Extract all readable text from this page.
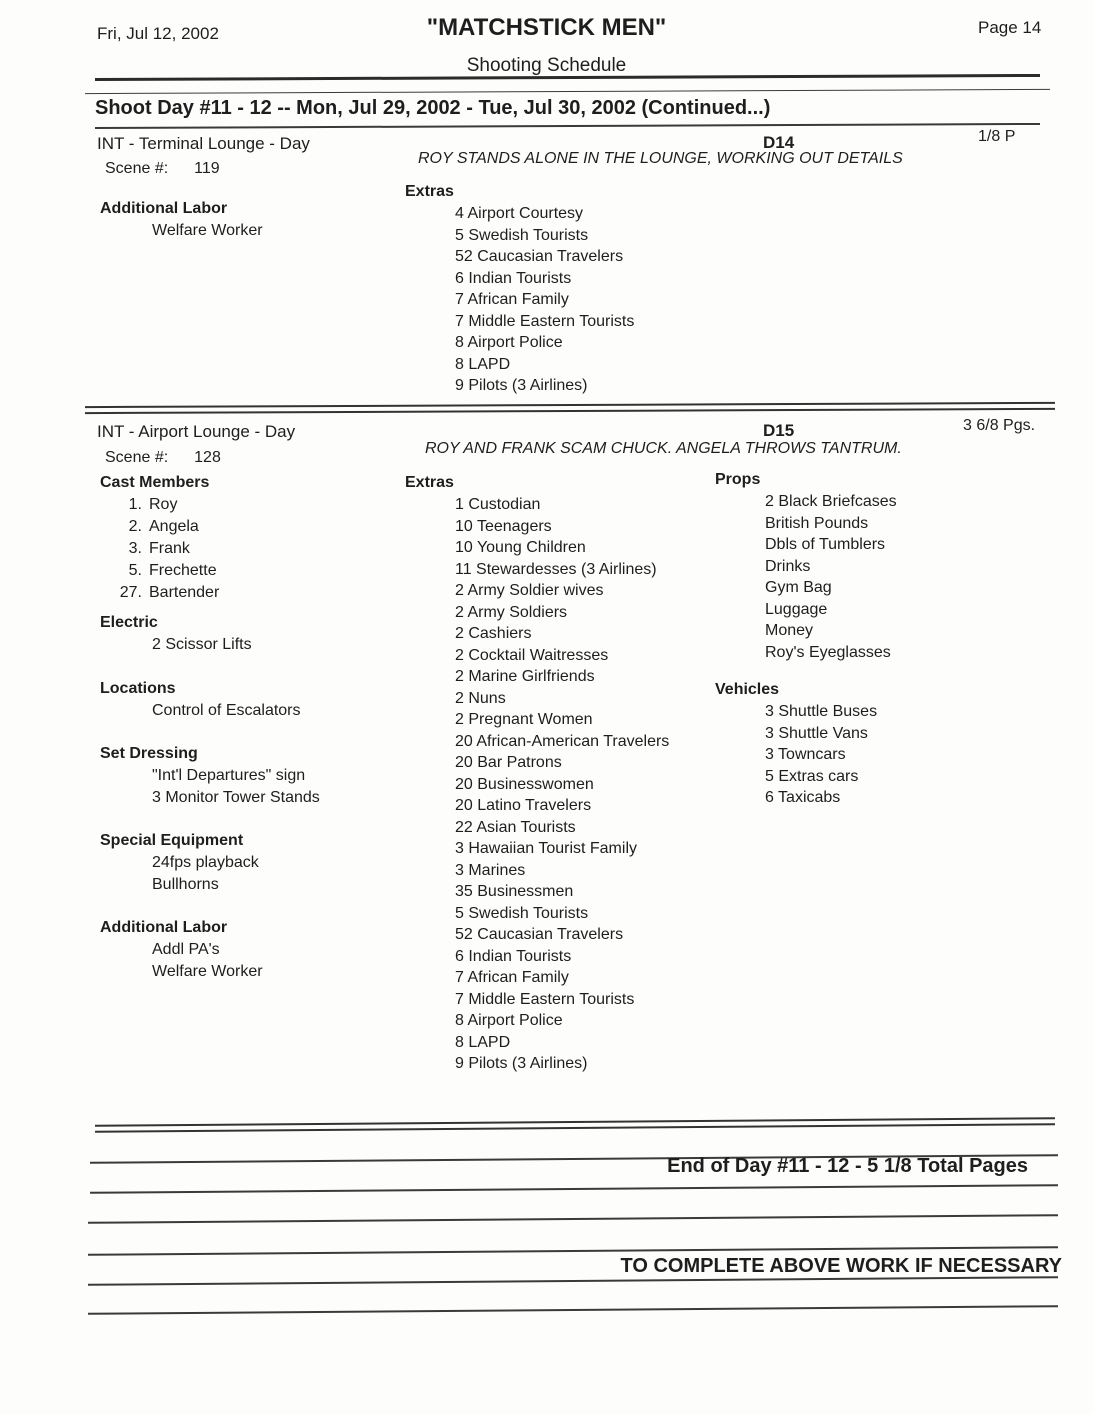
Fri, Jul 12, 2002	"MATCHSTICK MEN"	Page 14
Shooting Schedule
Shoot Day #11 - 12 -- Mon, Jul 29, 2002 - Tue, Jul 30, 2002 (Continued...)
INT - Terminal Lounge - Day	D14	1/8 P
Scene #: 119
ROY STANDS ALONE IN THE LOUNGE, WORKING OUT DETAILS
Extras
4 Airport Courtesy
5 Swedish Tourists
52 Caucasian Travelers
6 Indian Tourists
7 African Family
7 Middle Eastern Tourists
8 Airport Police
8 LAPD
9 Pilots (3 Airlines)
Additional Labor
Welfare Worker
INT - Airport Lounge - Day	D15	3 6/8 Pgs.
Scene #: 128
ROY AND FRANK SCAM CHUCK. ANGELA THROWS TANTRUM.
Cast Members
1. Roy
2. Angela
3. Frank
5. Frechette
27. Bartender
Electric
2 Scissor Lifts
Locations
Control of Escalators
Set Dressing
"Int'l Departures" sign
3 Monitor Tower Stands
Special Equipment
24fps playback
Bullhorns
Additional Labor
Addl PA's
Welfare Worker
Extras
1 Custodian
10 Teenagers
10 Young Children
11 Stewardesses (3 Airlines)
2 Army Soldier wives
2 Army Soldiers
2 Cashiers
2 Cocktail Waitresses
2 Marine Girlfriends
2 Nuns
2 Pregnant Women
20 African-American Travelers
20 Bar Patrons
20 Businesswomen
20 Latino Travelers
22 Asian Tourists
3 Hawaiian Tourist Family
3 Marines
35 Businessmen
5 Swedish Tourists
52 Caucasian Travelers
6 Indian Tourists
7 African Family
7 Middle Eastern Tourists
8 Airport Police
8 LAPD
9 Pilots (3 Airlines)
Props
2 Black Briefcases
British Pounds
Dbls of Tumblers
Drinks
Gym Bag
Luggage
Money
Roy's Eyeglasses
Vehicles
3 Shuttle Buses
3 Shuttle Vans
3 Towncars
5 Extras cars
6 Taxicabs
End of Day #11 - 12 - 5 1/8 Total Pages
TO COMPLETE ABOVE WORK IF NECESSARY
